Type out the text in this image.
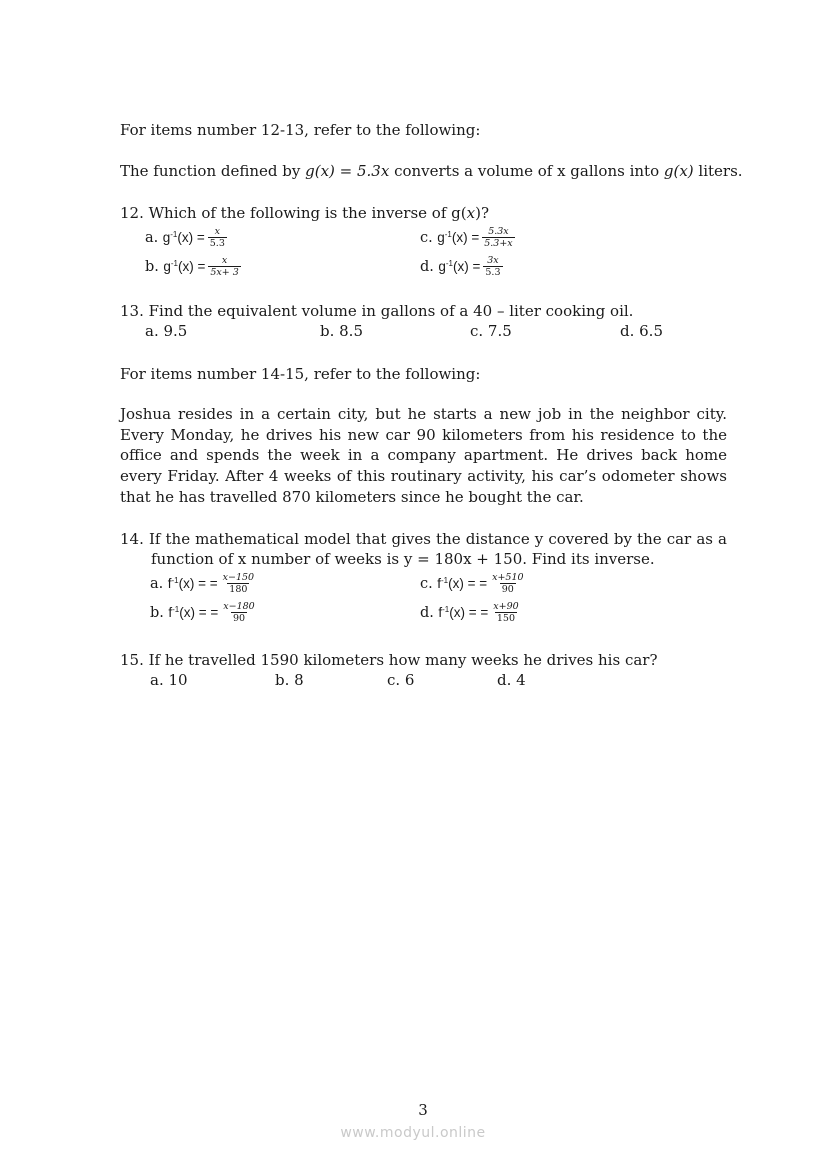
For items number 12-13, refer to the following:
The function defined by g(x) = 5.3x converts a volume of x gallons into g(x) liters.
12. Which of the following is the inverse of g(x)?
a.
$g^{-1}(x) = \frac{x}{5.3}$	c.
$g^{-1}(x) = \frac{5.3x}{5.3+x}$
b.
$g^{-1}(x) = \frac{x}{5x+ 3}$	d.
$g^{-1}(x) = \frac{3x}{5.3}$
13. Find the equivalent volume in gallons of a 40 – liter cooking oil.
a. 9.5	b. 8.5	c. 7.5	d. 6.5
For items number 14-15, refer to the following:
Joshua resides in a certain city, but he starts a new job in the neighbor city. Every Monday, he drives his new car 90 kilometers from his residence to the office and spends the week in a company apartment. He drives back home every Friday. After 4 weeks of this routinary activity, his car’s odometer shows that he has travelled 870 kilometers since he bought the car.
14. If the mathematical model that gives the distance y covered by the car as a
function of x number of weeks is y = 180x + 150. Find its inverse.
a.
$f^{-1}(x)$ = = $\frac{x-150}{180}$	c.
$f^{-1}(x)$ = = $\frac{x+510}{90}$
b.
$f^{-1}(x)$ = = $\frac{x-180}{90}$	d.
$f^{-1}(x)$ = = $\frac{x+90}{150}$
15. If he travelled 1590 kilometers how many weeks he drives his car?
a. 10	b. 8	c. 6	d. 4
3
www.modyul.online
